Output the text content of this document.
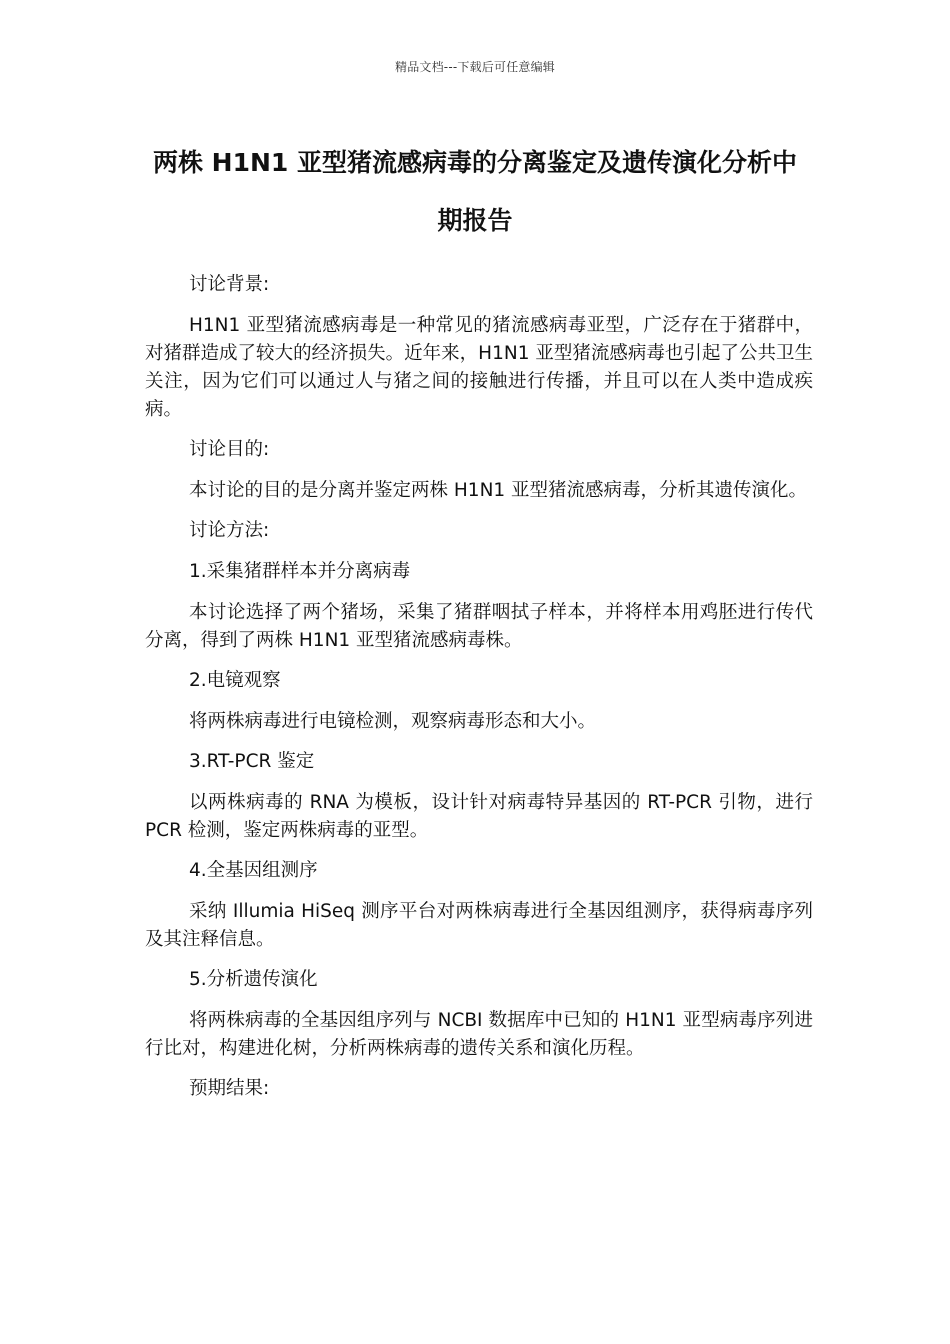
精品文档---下载后可任意编辑
两株 H1N1 亚型猪流感病毒的分离鉴定及遗传演化分析中期报告

讨论背景:

H1N1 亚型猪流感病毒是一种常见的猪流感病毒亚型，广泛存在于猪群中，对猪群造成了较大的经济损失。近年来，H1N1 亚型猪流感病毒也引起了公共卫生关注，因为它们可以通过人与猪之间的接触进行传播，并且可以在人类中造成疾病。

讨论目的:

本讨论的目的是分离并鉴定两株 H1N1 亚型猪流感病毒，分析其遗传演化。

讨论方法:

1.采集猪群样本并分离病毒

本讨论选择了两个猪场，采集了猪群咽拭子样本，并将样本用鸡胚进行传代分离，得到了两株 H1N1 亚型猪流感病毒株。

2.电镜观察

将两株病毒进行电镜检测，观察病毒形态和大小。

3.RT-PCR 鉴定

以两株病毒的 RNA 为模板，设计针对病毒特异基因的 RT-PCR 引物，进行 PCR 检测，鉴定两株病毒的亚型。

4.全基因组测序

采纳 Illumia HiSeq 测序平台对两株病毒进行全基因组测序，获得病毒序列及其注释信息。

5.分析遗传演化

将两株病毒的全基因组序列与 NCBI 数据库中已知的 H1N1 亚型病毒序列进行比对，构建进化树，分析两株病毒的遗传关系和演化历程。

预期结果:
